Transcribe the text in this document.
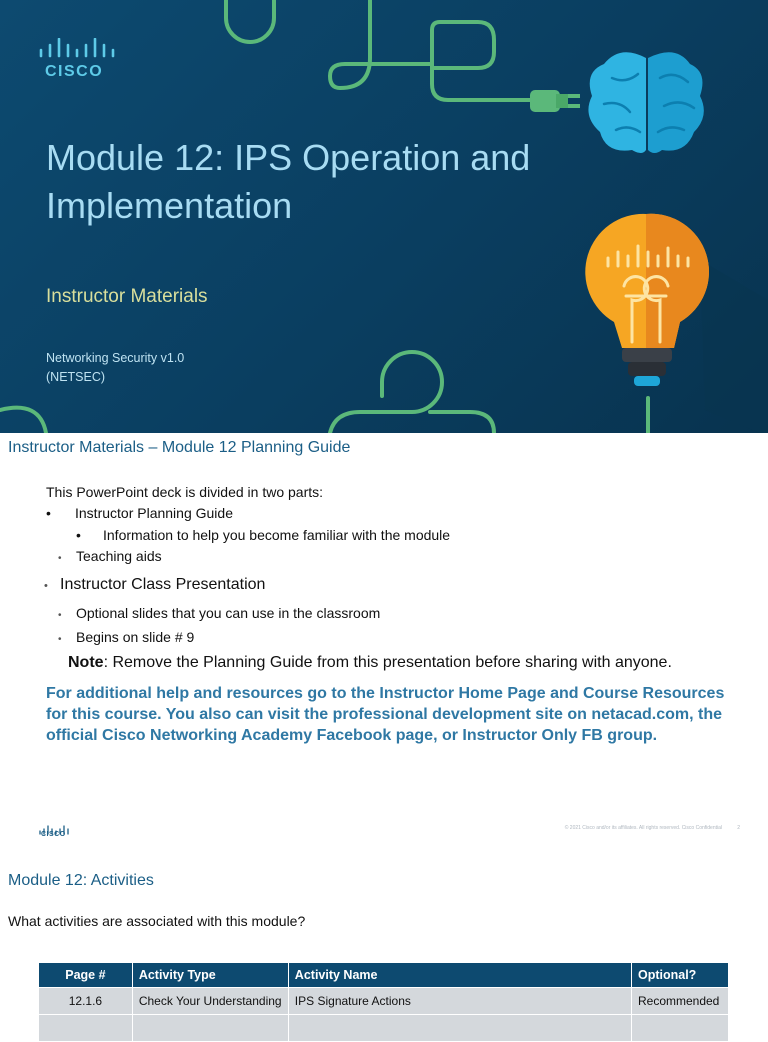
CISCO
Module 12: IPS Operation and
Implementation
Instructor Materials
Networking Security v1.0
(NETSEC)
Instructor Materials – Module 12 Planning Guide
This PowerPoint deck is divided in two parts:
• Instructor Planning Guide
• Information to help you become familiar with the module
• Teaching aids
• Instructor Class Presentation
• Optional slides that you can use in the classroom
• Begins on slide # 9
Note: Remove the Planning Guide from this presentation before sharing with anyone.
For additional help and resources go to the Instructor Home Page and Course Resources for this course. You also can visit the professional development site on netacad.com, the official Cisco Networking Academy Facebook page, or Instructor Only FB group.
CISCO
© 2021 Cisco and/or its affiliates. All rights reserved. Cisco Confidential	2
Module 12: Activities
What activities are associated with this module?
Page #	Activity Type	Activity Name	Optional?
12.1.6	Check Your Understanding	IPS Signature Actions	Recommended
